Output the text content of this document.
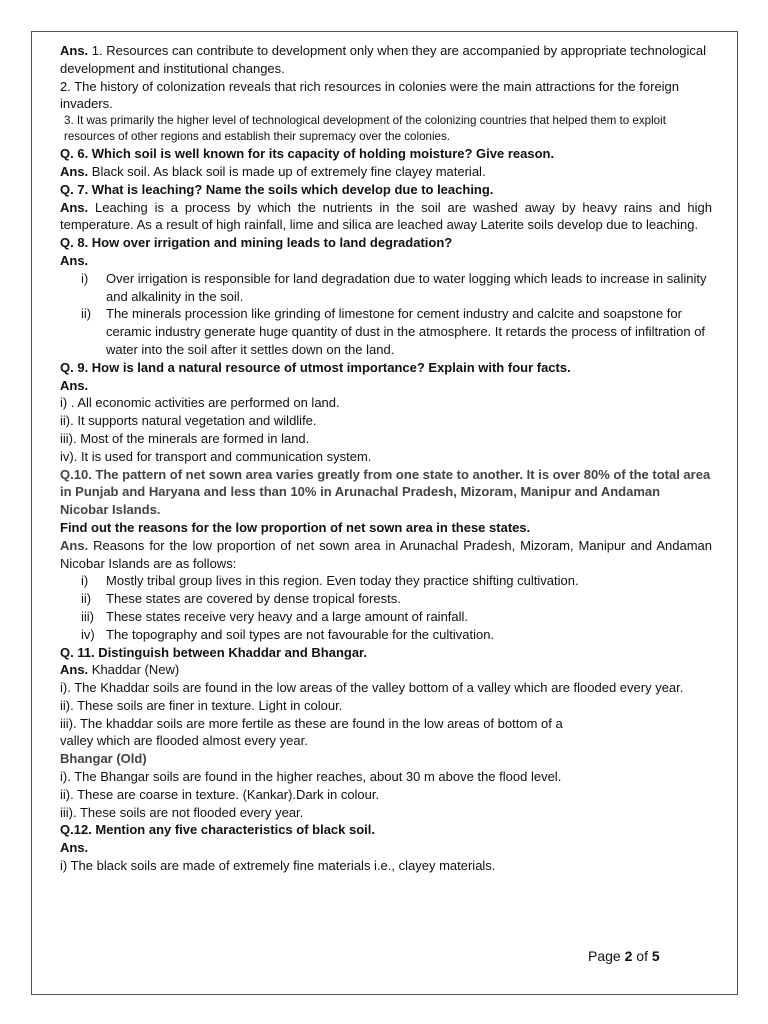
Ans. 1. Resources can contribute to development only when they are accompanied by appropriate technological development and institutional changes.

2. The history of colonization reveals that rich resources in colonies were the main attractions for the foreign invaders.

3. It was primarily the higher level of technological development of the colonizing countries that helped them to exploit resources of other regions and establish their supremacy over the colonies.

Q. 6. Which soil is well known for its capacity of holding moisture? Give reason.

Ans. Black soil. As black soil is made up of extremely fine clayey material.

Q. 7. What is leaching? Name the soils which develop due to leaching.

Ans. Leaching is a process by which the nutrients in the soil are washed away by heavy rains and high temperature. As a result of high rainfall, lime and silica are leached away Laterite soils develop due to leaching.

Q. 8. How over irrigation and mining leads to land degradation?

Ans.

i)	Over irrigation is responsible for land degradation due to water logging which leads to increase in salinity and alkalinity in the soil.
ii)	The minerals procession like grinding of limestone for cement industry and calcite and soapstone for ceramic industry generate huge quantity of dust in the atmosphere. It retards the process of infiltration of water into the soil after it settles down on the land.

Q. 9. How is land a natural resource of utmost importance? Explain with four facts.

Ans.

i) . All economic activities are performed on land.

ii). It supports natural vegetation and wildlife.

iii). Most of the minerals are formed in land.

iv). It is used for transport and communication system.

Q.10. The pattern of net sown area varies greatly from one state to another. It is over 80% of the total area in Punjab and Haryana and less than 10% in Arunachal Pradesh, Mizoram, Manipur and Andaman Nicobar Islands.

Find out the reasons for the low proportion of net sown area in these states.

Ans. Reasons for the low proportion of net sown area in Arunachal Pradesh, Mizoram, Manipur and Andaman Nicobar Islands are as follows:

i)	Mostly tribal group lives in this region. Even today they practice shifting cultivation.
ii)	These states are covered by dense tropical forests.
iii) These states receive very heavy and a large amount of rainfall.
iv) The topography and soil types are not favourable for the cultivation.

Q. 11. Distinguish between Khaddar and Bhangar.

Ans. Khaddar (New)

i). The Khaddar soils are found in the low areas of the valley bottom of a valley which are flooded every year.

ii). These soils are finer in texture. Light in colour.

iii). The khaddar soils are more fertile as these are found in the low areas of bottom of a

valley which are flooded almost every year.

Bhangar (Old)

i). The Bhangar soils are found in the higher reaches, about 30 m above the flood level.

ii). These are coarse in texture. (Kankar).Dark in colour.

iii). These soils are not flooded every year.

Q.12. Mention any five characteristics of black soil.

Ans.

i) The black soils are made of extremely fine materials i.e., clayey materials.

Page 2 of 5
